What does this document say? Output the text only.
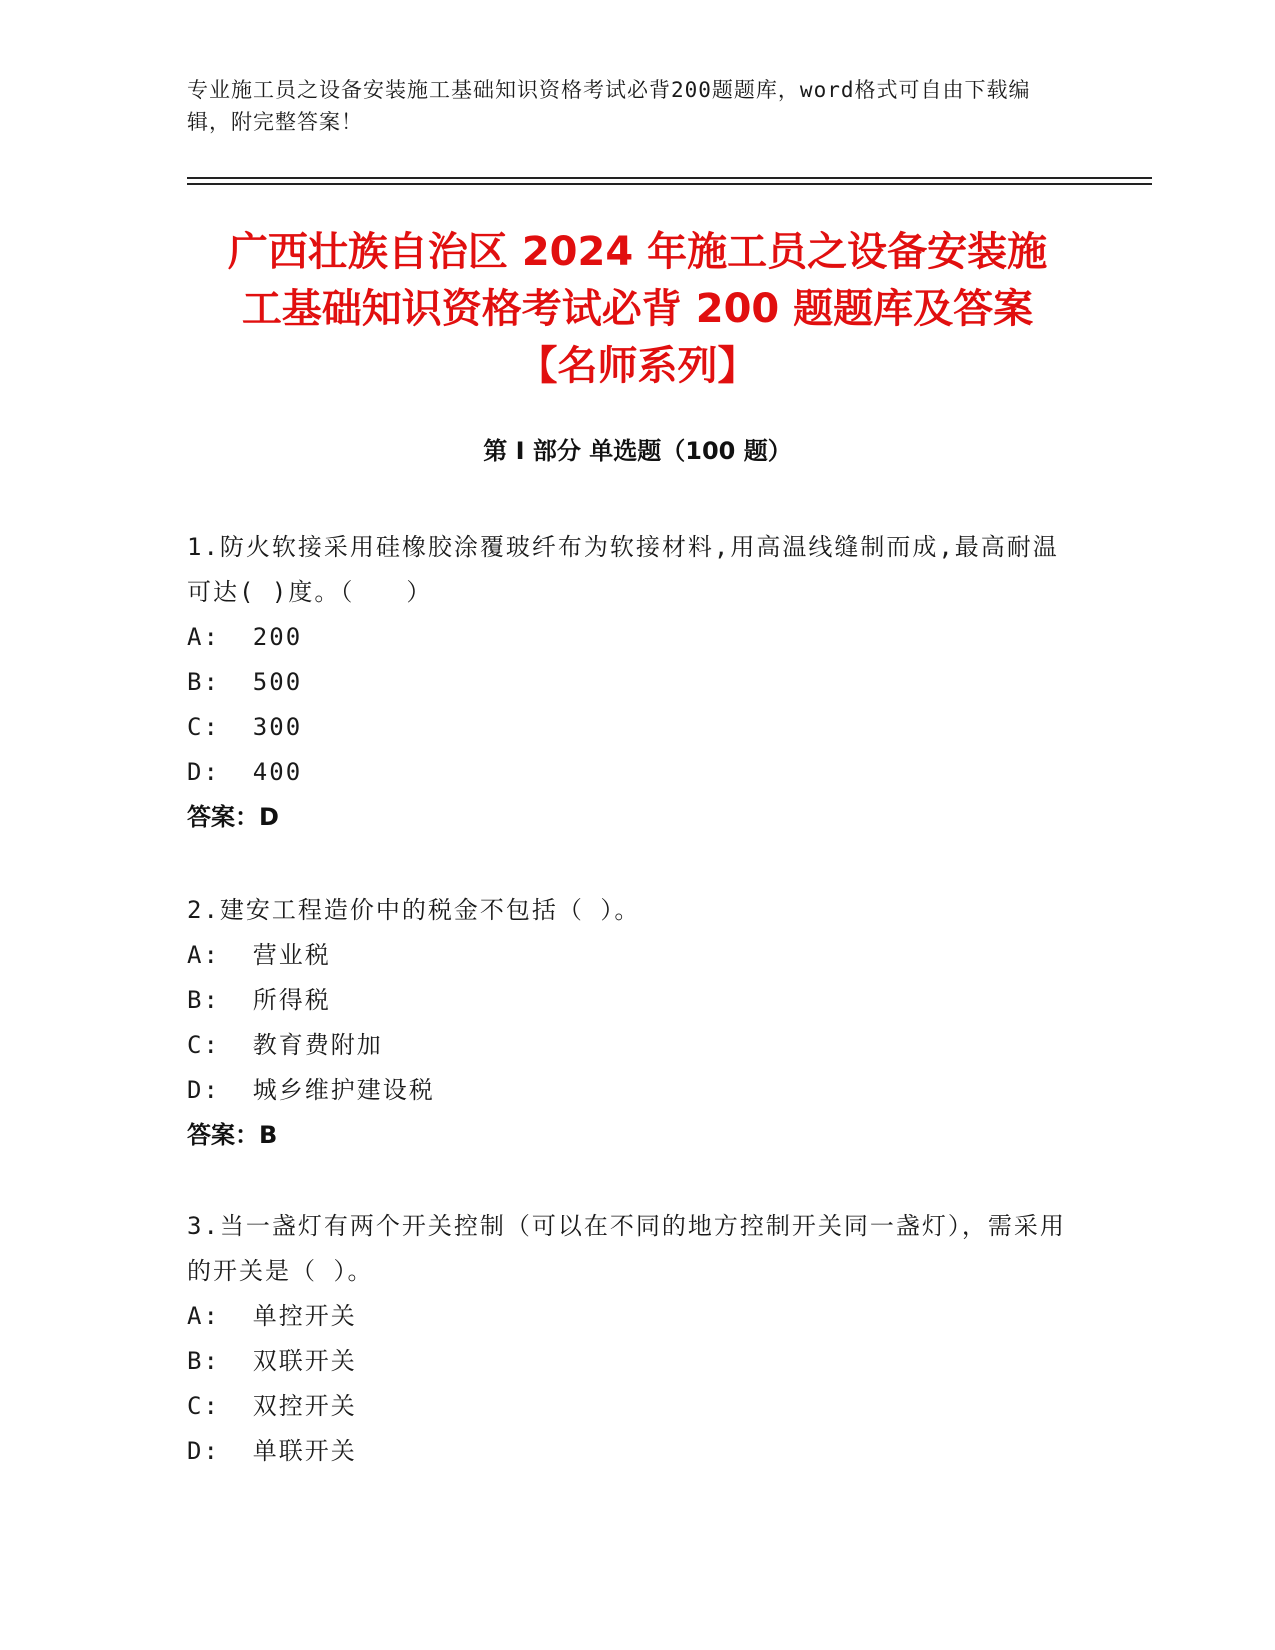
专业施工员之设备安装施工基础知识资格考试必背200题题库，word格式可自由下载编辑，附完整答案！
广西壮族自治区 2024 年施工员之设备安装施
工基础知识资格考试必背 200 题题库及答案
【名师系列】
第 I 部分 单选题（100 题）
1.防火软接采用硅橡胶涂覆玻纤布为软接材料,用高温线缝制而成,最高耐温可达( )度。（　　）
A:  200
B:  500
C:  300
D:  400
答案：D
2.建安工程造价中的税金不包括（ ）。
A:  营业税
B:  所得税
C:  教育费附加
D:  城乡维护建设税
答案：B
3.当一盏灯有两个开关控制（可以在不同的地方控制开关同一盏灯），需采用的开关是（ ）。
A:  单控开关
B:  双联开关
C:  双控开关
D:  单联开关
